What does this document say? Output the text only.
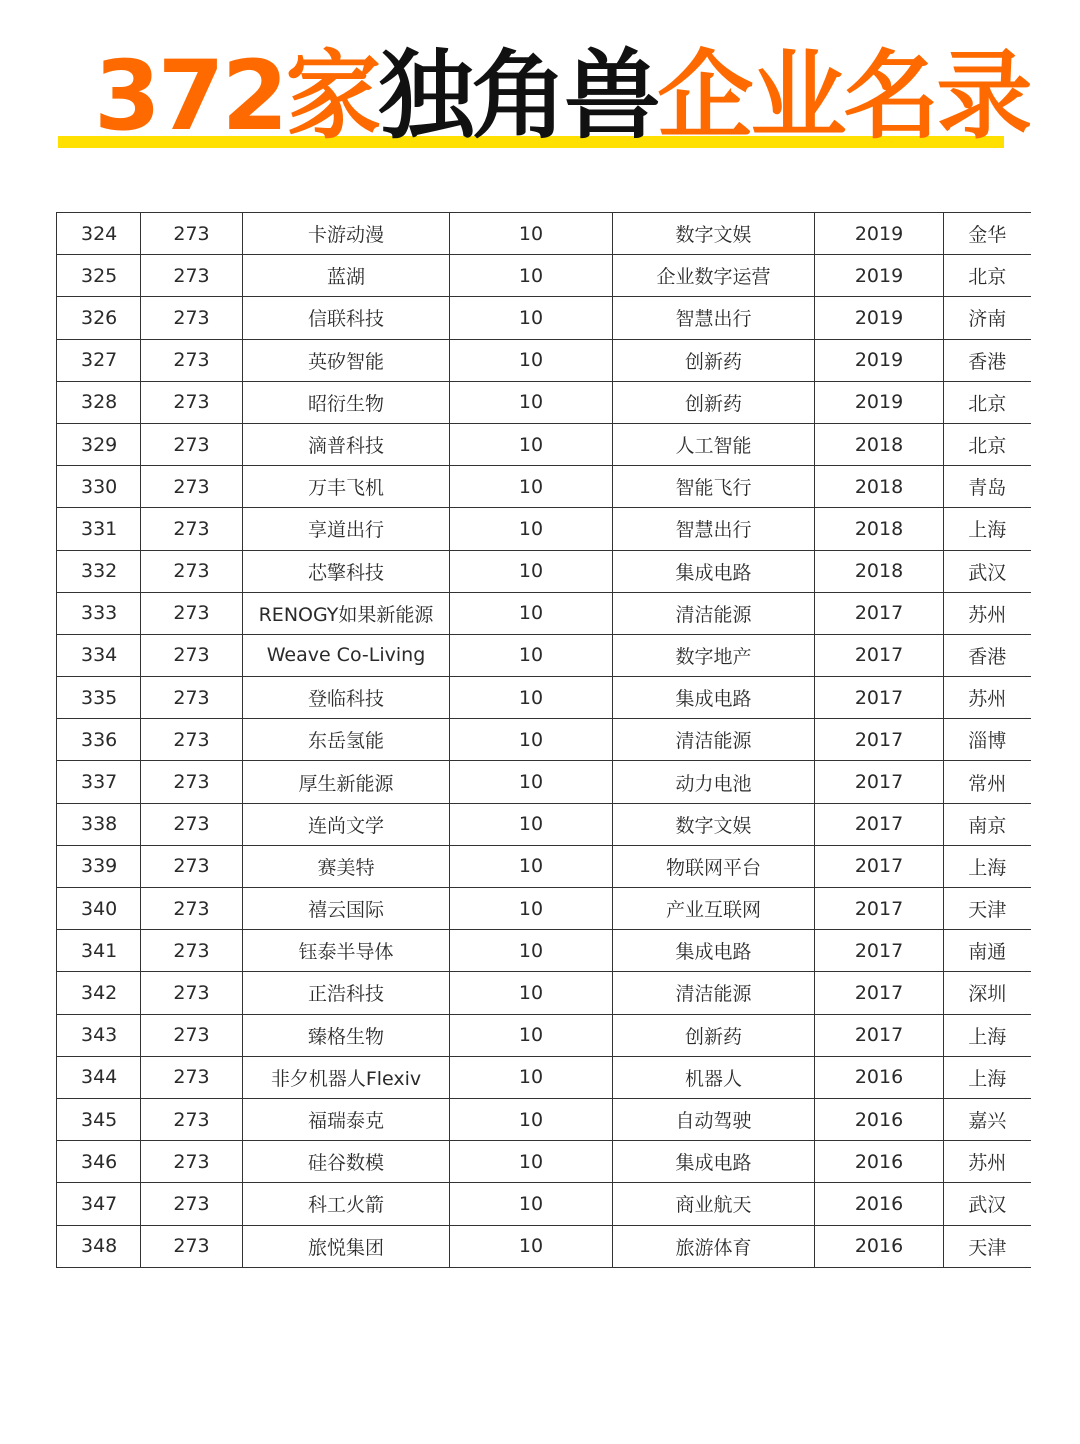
372家独角兽企业名录
324	273	卡游动漫	10	数字文娱	2019	金华
325	273	蓝湖	10	企业数字运营	2019	北京
326	273	信联科技	10	智慧出行	2019	济南
327	273	英矽智能	10	创新药	2019	香港
328	273	昭衍生物	10	创新药	2019	北京
329	273	滴普科技	10	人工智能	2018	北京
330	273	万丰飞机	10	智能飞行	2018	青岛
331	273	享道出行	10	智慧出行	2018	上海
332	273	芯擎科技	10	集成电路	2018	武汉
333	273	RENOGY如果新能源	10	清洁能源	2017	苏州
334	273	Weave Co-Living	10	数字地产	2017	香港
335	273	登临科技	10	集成电路	2017	苏州
336	273	东岳氢能	10	清洁能源	2017	淄博
337	273	厚生新能源	10	动力电池	2017	常州
338	273	连尚文学	10	数字文娱	2017	南京
339	273	赛美特	10	物联网平台	2017	上海
340	273	禧云国际	10	产业互联网	2017	天津
341	273	钰泰半导体	10	集成电路	2017	南通
342	273	正浩科技	10	清洁能源	2017	深圳
343	273	臻格生物	10	创新药	2017	上海
344	273	非夕机器人Flexiv	10	机器人	2016	上海
345	273	福瑞泰克	10	自动驾驶	2016	嘉兴
346	273	硅谷数模	10	集成电路	2016	苏州
347	273	科工火箭	10	商业航天	2016	武汉
348	273	旅悦集团	10	旅游体育	2016	天津
